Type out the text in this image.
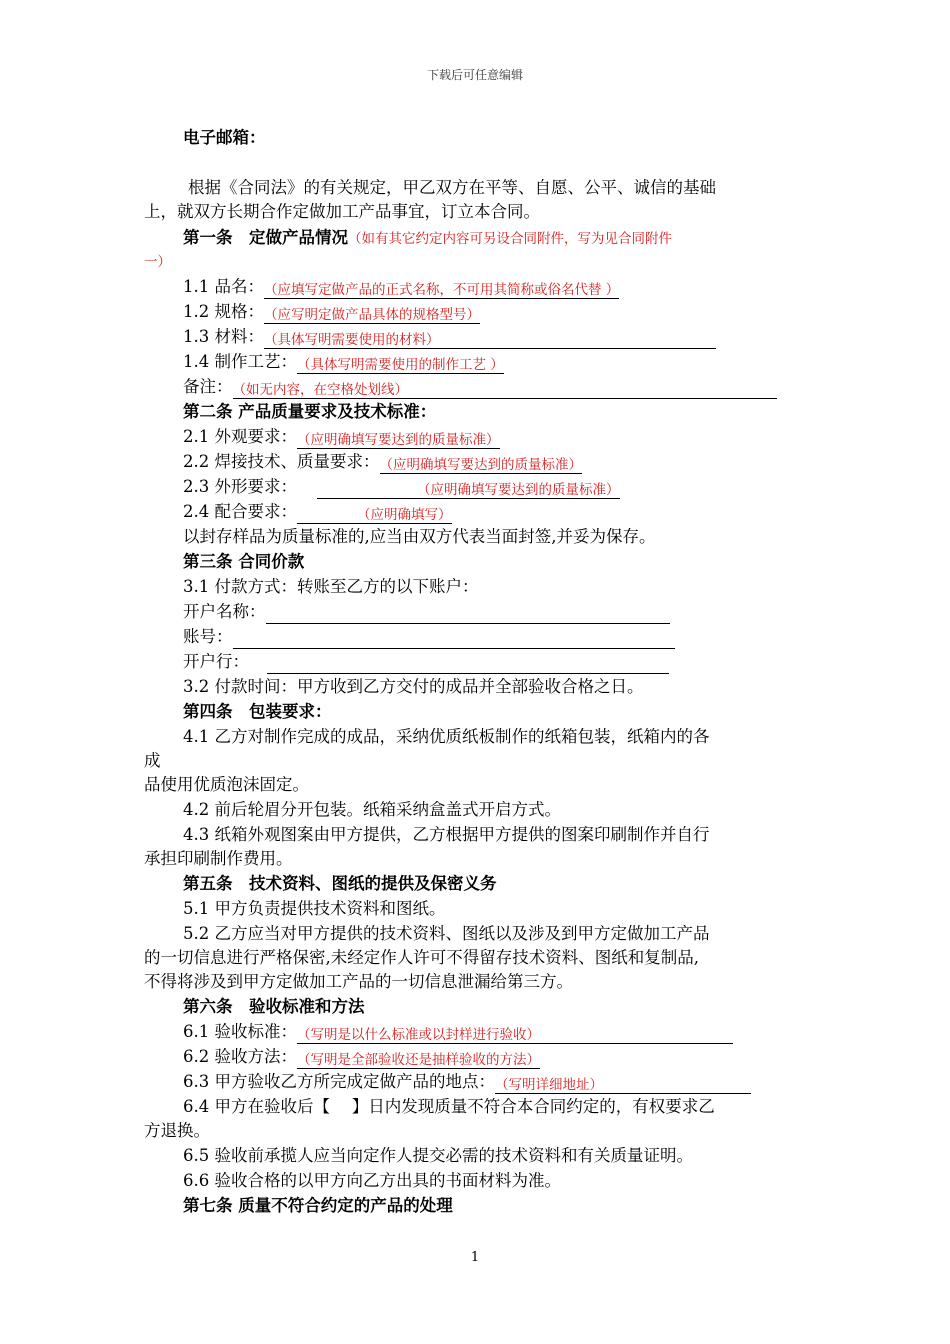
下载后可任意编辑
电子邮箱：
根据《合同法》的有关规定，甲乙双方在平等、自愿、公平、诚信的基础
上，就双方长期合作定做加工产品事宜，订立本合同。
第一条　定做产品情况（如有其它约定内容可另设合同附件，写为见合同附件
一）
1.1 品名：（应填写定做产品的正式名称，不可用其简称或俗名代替 ）
1.2 规格：（应写明定做产品具体的规格型号）
1.3 材料：（具体写明需要使用的材料）
1.4 制作工艺：（具体写明需要使用的制作工艺 ）
备注：（如无内容，在空格处划线）
第二条 产品质量要求及技术标准：
2.1 外观要求：（应明确填写要达到的质量标准）
2.2 焊接技术、质量要求：（应明确填写要达到的质量标准）
2.3 外形要求：	（应明确填写要达到的质量标准）
2.4 配合要求：	（应明确填写）
以封存样品为质量标准的,应当由双方代表当面封签,并妥为保存。
第三条 合同价款
3.1 付款方式：转账至乙方的以下账户：
开户名称：
账号：
开户行：
3.2 付款时间：甲方收到乙方交付的成品并全部验收合格之日。
第四条　包装要求：
4.1 乙方对制作完成的成品，采纳优质纸板制作的纸箱包装，纸箱内的各
成
品使用优质泡沫固定。
4.2 前后轮眉分开包装。纸箱采纳盒盖式开启方式。
4.3 纸箱外观图案由甲方提供，乙方根据甲方提供的图案印刷制作并自行
承担印刷制作费用。
第五条　技术资料、图纸的提供及保密义务
5.1 甲方负责提供技术资料和图纸。
5.2 乙方应当对甲方提供的技术资料、图纸以及涉及到甲方定做加工产品
的一切信息进行严格保密,未经定作人许可不得留存技术资料、图纸和复制品,
不得将涉及到甲方定做加工产品的一切信息泄漏给第三方。
第六条　验收标准和方法
6.1 验收标准：（写明是以什么标准或以封样进行验收）
6.2 验收方法：（写明是全部验收还是抽样验收的方法）
6.3 甲方验收乙方所完成定做产品的地点：（写明详细地址）
6.4 甲方在验收后【　 】日内发现质量不符合本合同约定的，有权要求乙
方退换。
6.5 验收前承揽人应当向定作人提交必需的技术资料和有关质量证明。
6.6 验收合格的以甲方向乙方出具的书面材料为准。
第七条 质量不符合约定的产品的处理
1
